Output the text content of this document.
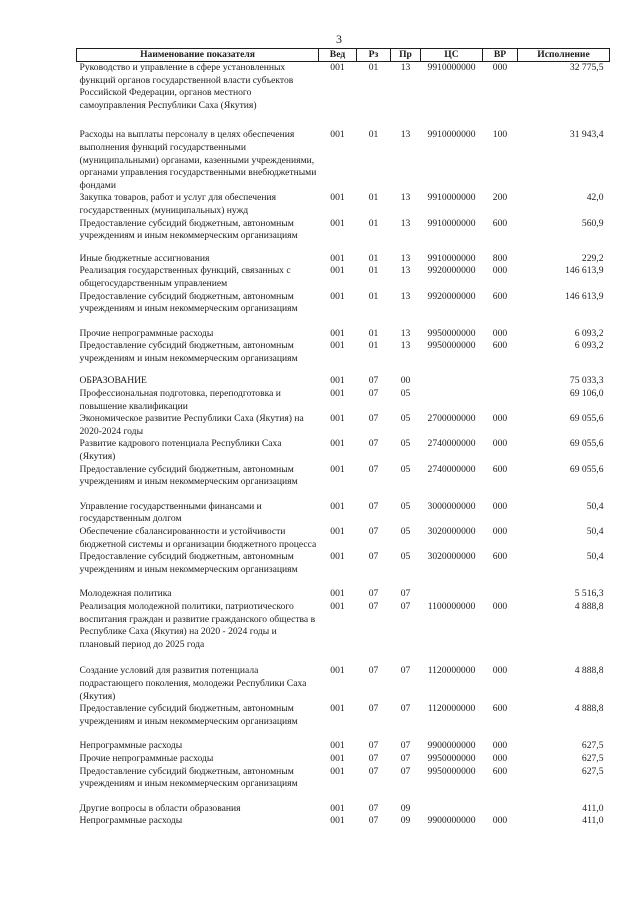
3
Наименование показателя	Вед	Рз	Пр	ЦС	ВР	Исполнение
Руководство и управление в сфере установленных функций органов государственной власти субъектов Российской Федерации, органов местного самоуправления Республики Саха (Якутия)	001	01	13	9910000000	000	32 775,5
Расходы на выплаты персоналу в целях обеспечения выполнения функций государственными (муниципальными) органами, казенными учреждениями, органами управления государственными внебюджетными фондами	001	01	13	9910000000	100	31 943,4
Закупка товаров, работ и услуг для обеспечения государственных (муниципальных) нужд	001	01	13	9910000000	200	42,0
Предоставление субсидий бюджетным, автономным учреждениям и иным некоммерческим организациям	001	01	13	9910000000	600	560,9
Иные бюджетные ассигнования	001	01	13	9910000000	800	229,2
Реализация государственных функций, связанных с общегосударственным управлением	001	01	13	9920000000	000	146 613,9
Предоставление субсидий бюджетным, автономным учреждениям и иным некоммерческим организациям	001	01	13	9920000000	600	146 613,9
Прочие непрограммные расходы	001	01	13	9950000000	000	6 093,2
Предоставление субсидий бюджетным, автономным учреждениям и иным некоммерческим организациям	001	01	13	9950000000	600	6 093,2
ОБРАЗОВАНИЕ	001	07	00			75 033,3
Профессиональная подготовка, переподготовка и повышение квалификации	001	07	05			69 106,0
Экономическое развитие Республики Саха (Якутия) на 2020-2024 годы	001	07	05	2700000000	000	69 055,6
Развитие кадрового потенциала Республики Саха (Якутия)	001	07	05	2740000000	000	69 055,6
Предоставление субсидий бюджетным, автономным учреждениям и иным некоммерческим организациям	001	07	05	2740000000	600	69 055,6
Управление государственными финансами и государственным долгом	001	07	05	3000000000	000	50,4
Обеспечение сбалансированности и устойчивости бюджетной системы и организации бюджетного процесса	001	07	05	3020000000	000	50,4
Предоставление субсидий бюджетным, автономным учреждениям и иным некоммерческим организациям	001	07	05	3020000000	600	50,4
Молодежная политика	001	07	07			5 516,3
Реализация молодежной политики, патриотического воспитания граждан и развитие гражданского общества в Республике Саха (Якутия) на 2020 - 2024 годы и плановый период до 2025 года	001	07	07	1100000000	000	4 888,8
Создание условий для развития потенциала подрастающего поколения, молодежи Республики Саха (Якутия)	001	07	07	1120000000	000	4 888,8
Предоставление субсидий бюджетным, автономным учреждениям и иным некоммерческим организациям	001	07	07	1120000000	600	4 888,8
Непрограммные расходы	001	07	07	9900000000	000	627,5
Прочие непрограммные расходы	001	07	07	9950000000	000	627,5
Предоставление субсидий бюджетным, автономным учреждениям и иным некоммерческим организациям	001	07	07	9950000000	600	627,5
Другие вопросы в области образования	001	07	09			411,0
Непрограммные расходы	001	07	09	9900000000	000	411,0
